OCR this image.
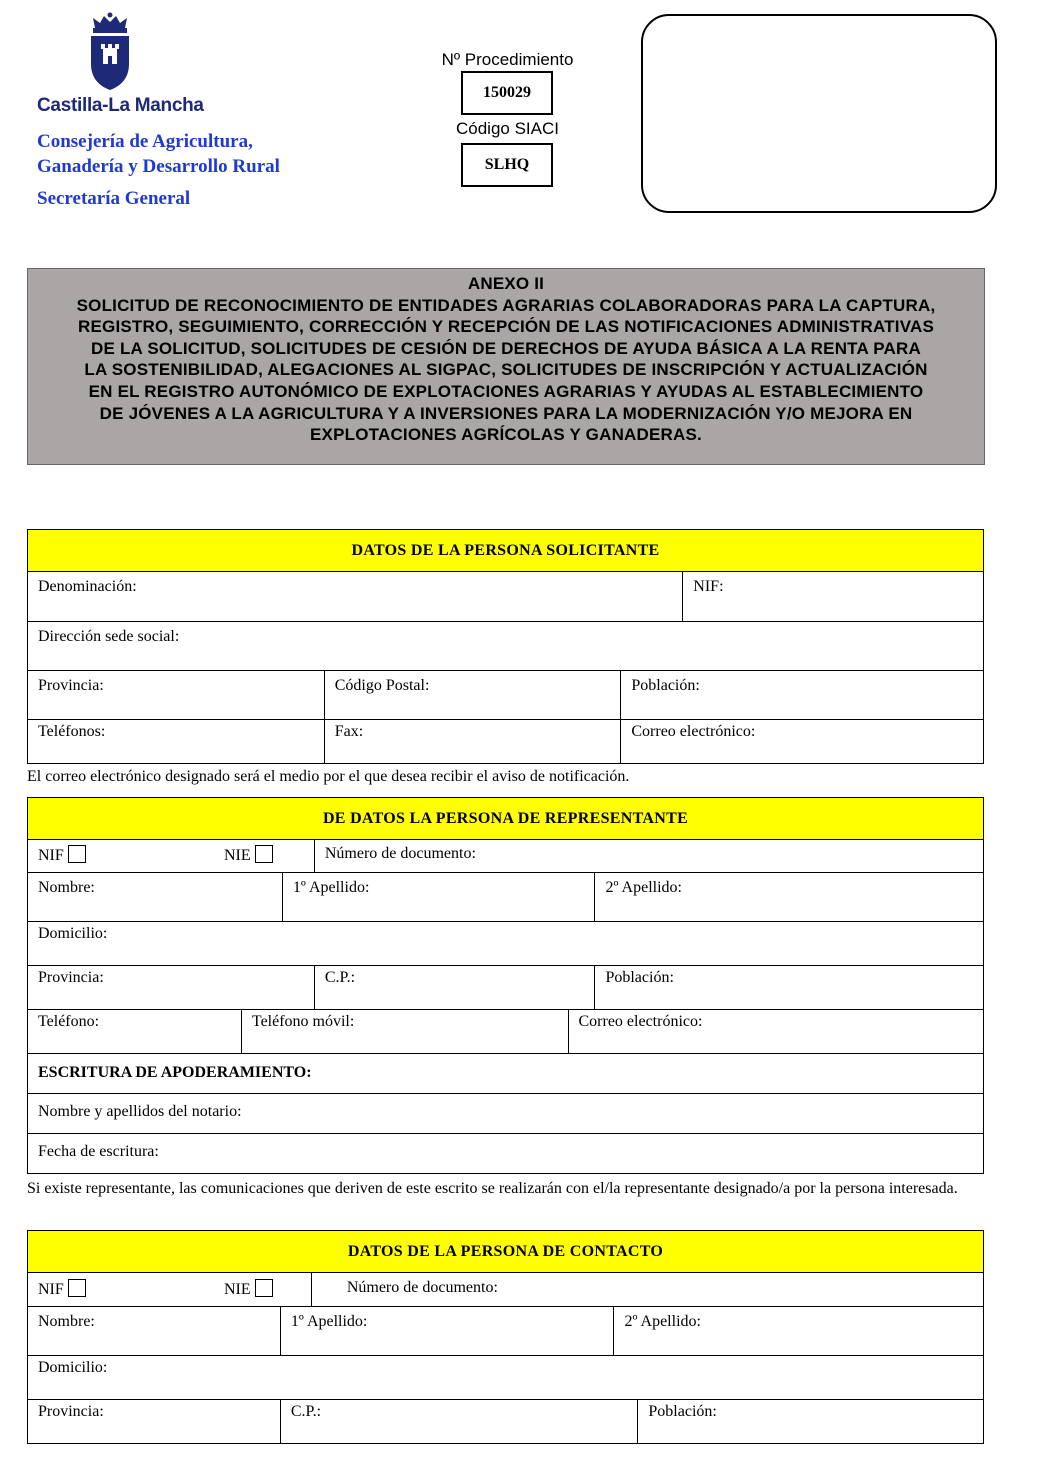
Castilla-La Mancha
Consejería de Agricultura,
Ganadería y Desarrollo Rural
Secretaría General
Nº Procedimiento
150029
Código SIACI
SLHQ
ANEXO II
SOLICITUD DE RECONOCIMIENTO DE ENTIDADES AGRARIAS COLABORADORAS PARA LA CAPTURA,
REGISTRO, SEGUIMIENTO, CORRECCIÓN Y RECEPCIÓN DE LAS NOTIFICACIONES ADMINISTRATIVAS
DE LA SOLICITUD, SOLICITUDES DE CESIÓN DE DERECHOS DE AYUDA BÁSICA A LA RENTA PARA
LA SOSTENIBILIDAD, ALEGACIONES AL SIGPAC, SOLICITUDES DE INSCRIPCIÓN Y ACTUALIZACIÓN
EN EL REGISTRO AUTONÓMICO DE EXPLOTACIONES AGRARIAS Y AYUDAS AL ESTABLECIMIENTO
DE JÓVENES A LA AGRICULTURA Y A INVERSIONES PARA LA MODERNIZACIÓN Y/O MEJORA EN
EXPLOTACIONES AGRÍCOLAS Y GANADERAS.
DATOS DE LA PERSONA SOLICITANTE			
Denominación:			NIF:
Dirección sede social:			
Provincia:	Código Postal:	Población:	
Teléfonos:	Fax:	Correo electrónico:	
El correo electrónico designado será el medio por el que desea recibir el aviso de notificación.
DE DATOS LA PERSONA DE REPRESENTANTE					
NIF NIE			Número de documento:		
Nombre:		1º Apellido:			2º Apellido:
Domicilio:					
Provincia:			C.P.:		Población:
Teléfono:	Teléfono móvil:			Correo electrónico:	
ESCRITURA DE APODERAMIENTO:					
Nombre y apellidos del notario:					
Fecha de escritura:					
Si existe representante, las comunicaciones que deriven de este escrito se realizarán con el/la representante designado/a por la persona interesada.
DATOS DE LA PERSONA DE CONTACTO				
NIF NIE		Número de documento:		
Nombre:	1º Apellido:		2º Apellido:	
Domicilio:				
Provincia:	C.P.:			Población:
